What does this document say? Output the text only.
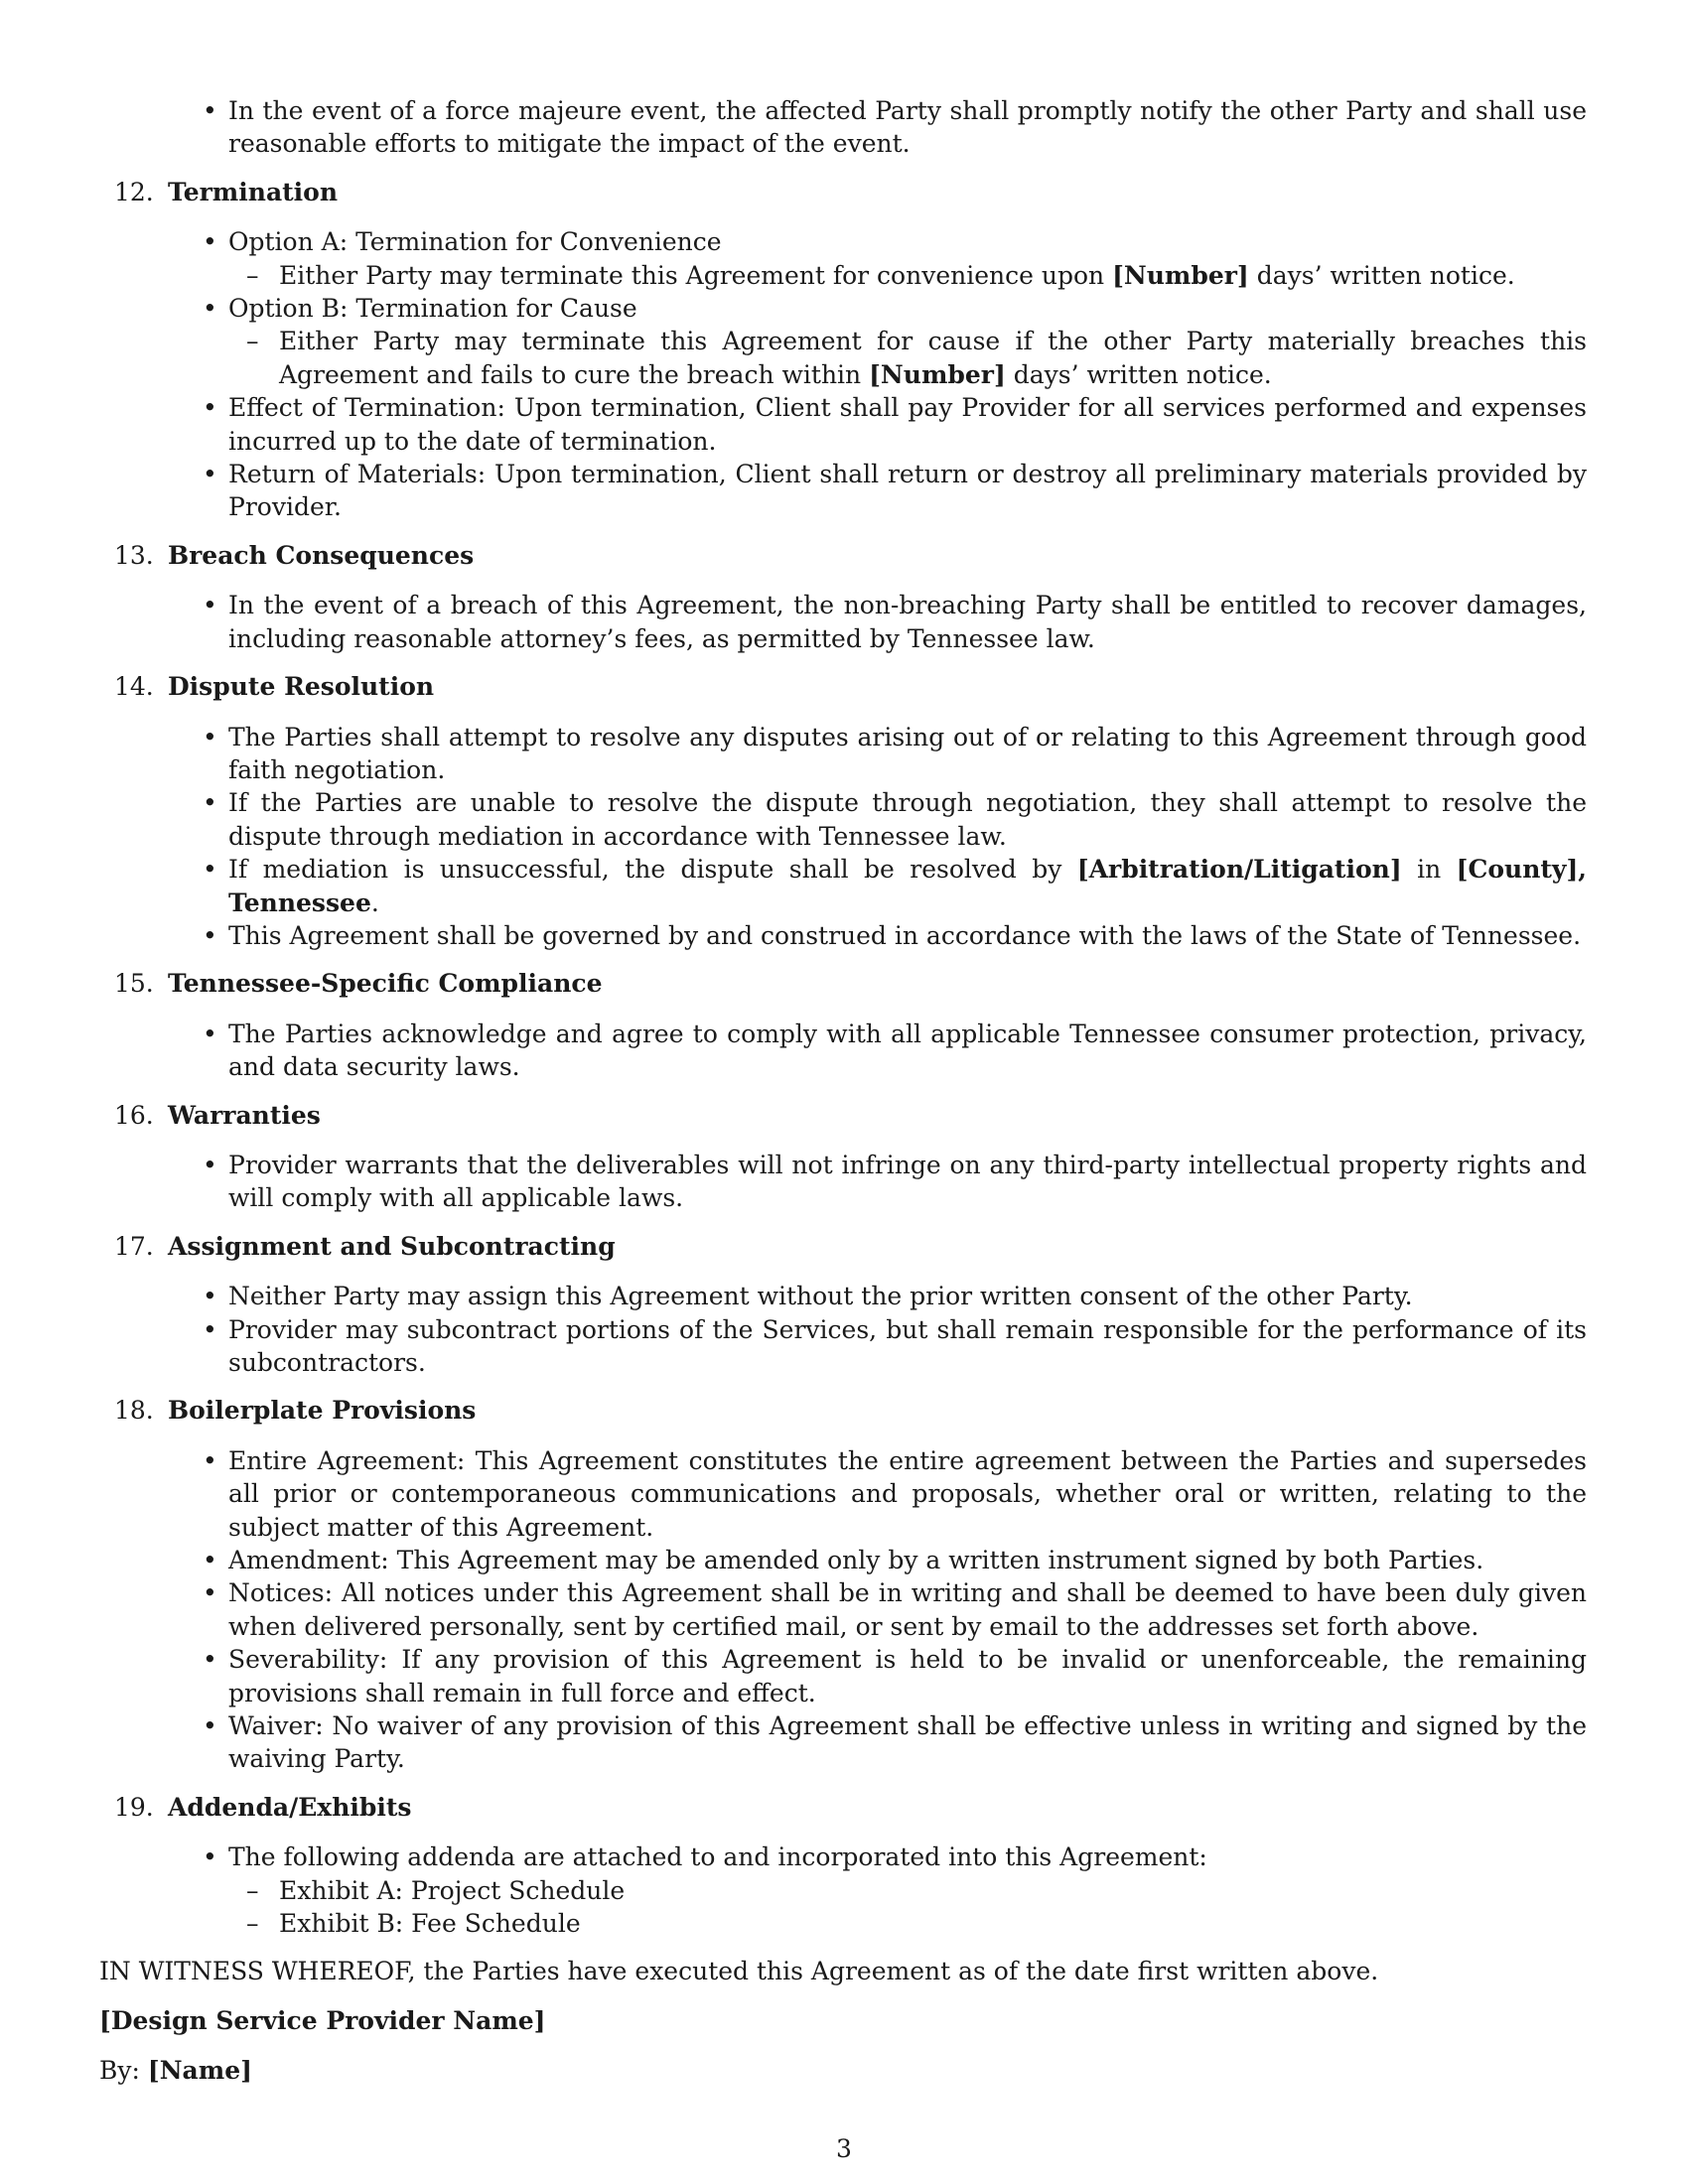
• In the event of a force majeure event, the affected Party shall promptly notify the other Party and shall use reasonable efforts to mitigate the impact of the event.

12. Termination

• Option A: Termination for Convenience

– Either Party may terminate this Agreement for convenience upon [Number] days’ written notice.

• Option B: Termination for Cause

– Either Party may terminate this Agreement for cause if the other Party materially breaches this Agreement and fails to cure the breach within [Number] days’ written notice.

• Effect of Termination: Upon termination, Client shall pay Provider for all services performed and expenses incurred up to the date of termination.

• Return of Materials: Upon termination, Client shall return or destroy all preliminary materials provided by Provider.

13. Breach Consequences

• In the event of a breach of this Agreement, the non-breaching Party shall be entitled to recover damages, including reasonable attorney’s fees, as permitted by Tennessee law.

14. Dispute Resolution

• The Parties shall attempt to resolve any disputes arising out of or relating to this Agreement through good faith negotiation.

• If the Parties are unable to resolve the dispute through negotiation, they shall attempt to resolve the dispute through mediation in accordance with Tennessee law.

• If mediation is unsuccessful, the dispute shall be resolved by [Arbitration/Litigation] in [County], Tennessee.

• This Agreement shall be governed by and construed in accordance with the laws of the State of Tennessee.

15. Tennessee-Specific Compliance

• The Parties acknowledge and agree to comply with all applicable Tennessee consumer protection, privacy, and data security laws.

16. Warranties

• Provider warrants that the deliverables will not infringe on any third-party intellectual property rights and will comply with all applicable laws.

17. Assignment and Subcontracting

• Neither Party may assign this Agreement without the prior written consent of the other Party.

• Provider may subcontract portions of the Services, but shall remain responsible for the performance of its subcontractors.

18. Boilerplate Provisions

• Entire Agreement: This Agreement constitutes the entire agreement between the Parties and supersedes all prior or contemporaneous communications and proposals, whether oral or written, relating to the subject matter of this Agreement.

• Amendment: This Agreement may be amended only by a written instrument signed by both Parties.

• Notices: All notices under this Agreement shall be in writing and shall be deemed to have been duly given when delivered personally, sent by certified mail, or sent by email to the addresses set forth above.

• Severability: If any provision of this Agreement is held to be invalid or unenforceable, the remaining provisions shall remain in full force and effect.

• Waiver: No waiver of any provision of this Agreement shall be effective unless in writing and signed by the waiving Party.

19. Addenda/Exhibits

• The following addenda are attached to and incorporated into this Agreement:

– Exhibit A: Project Schedule

– Exhibit B: Fee Schedule

IN WITNESS WHEREOF, the Parties have executed this Agreement as of the date first written above.

[Design Service Provider Name]

By: [Name]

3
